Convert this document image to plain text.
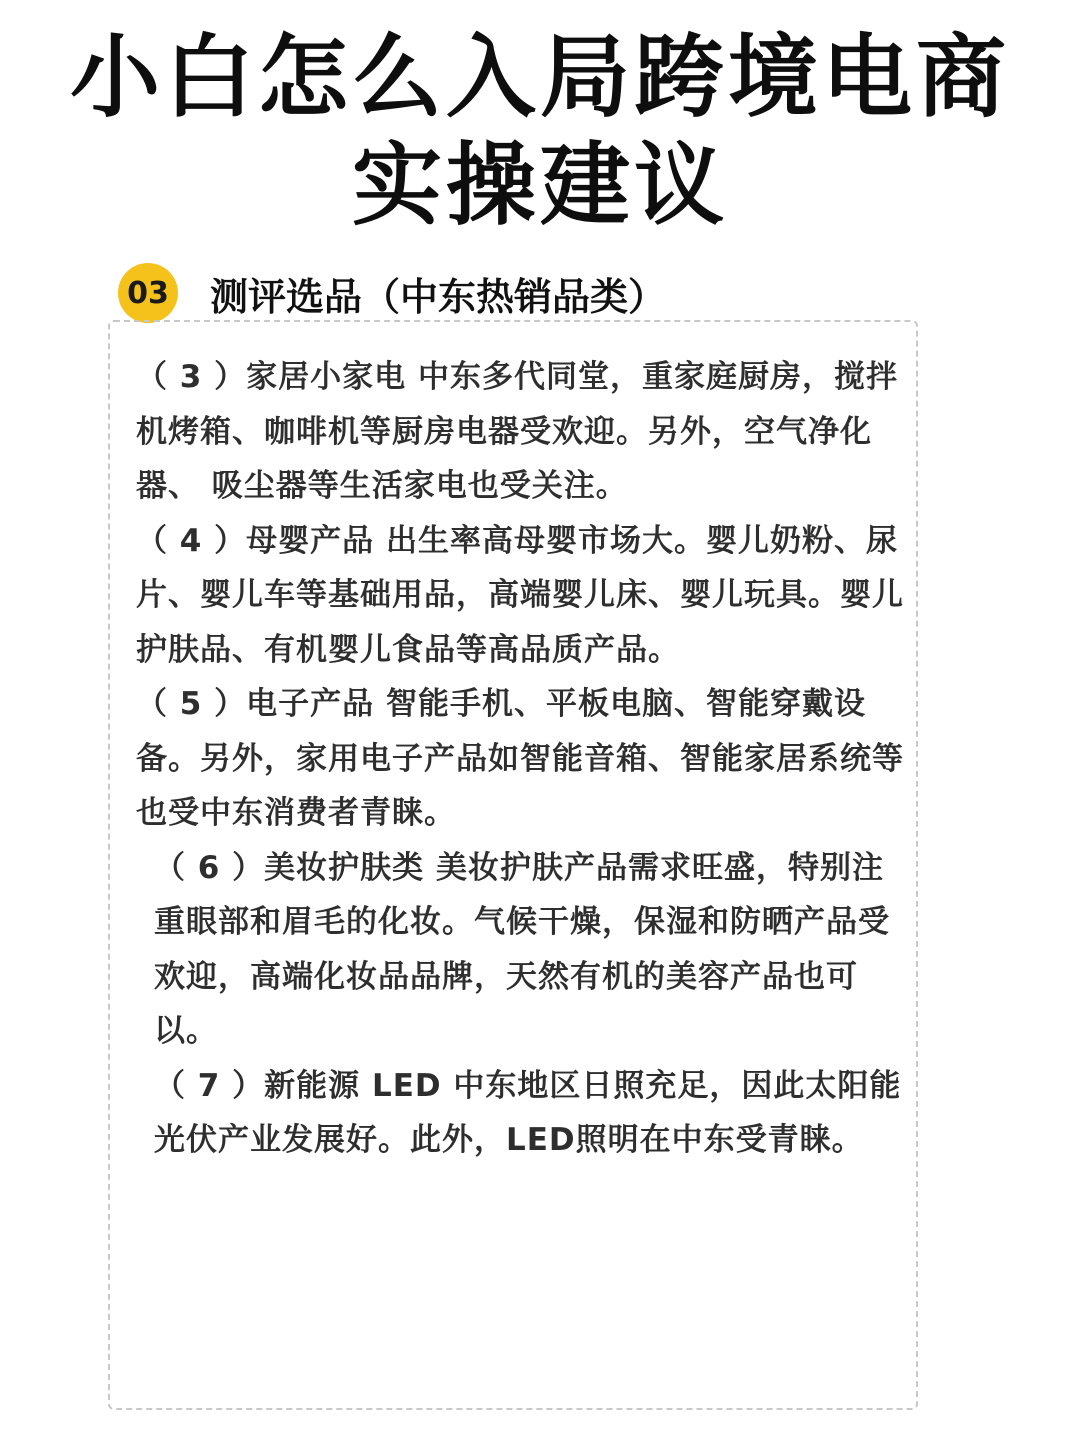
小白怎么入局跨境电商
实操建议
03 测评选品（中东热销品类）

（ 3 ）家居小家电 中东多代同堂，重家庭厨房，搅拌机烤箱、咖啡机等厨房电器受欢迎。另外，空气净化器、 吸尘器等生活家电也受关注。

（ 4 ）母婴产品 出生率高母婴市场大。婴儿奶粉、尿片、婴儿车等基础用品，高端婴儿床、婴儿玩具。婴儿护肤品、有机婴儿食品等高品质产品。

（ 5 ）电子产品 智能手机、平板电脑、智能穿戴设备。另外，家用电子产品如智能音箱、智能家居系统等也受中东消费者青睐。

（ 6 ）美妆护肤类 美妆护肤产品需求旺盛，特别注重眼部和眉毛的化妆。气候干燥，保湿和防晒产品受欢迎，高端化妆品品牌，天然有机的美容产品也可以。

（ 7 ）新能源 LED 中东地区日照充足，因此太阳能光伏产业发展好。此外，LED照明在中东受青睐。
